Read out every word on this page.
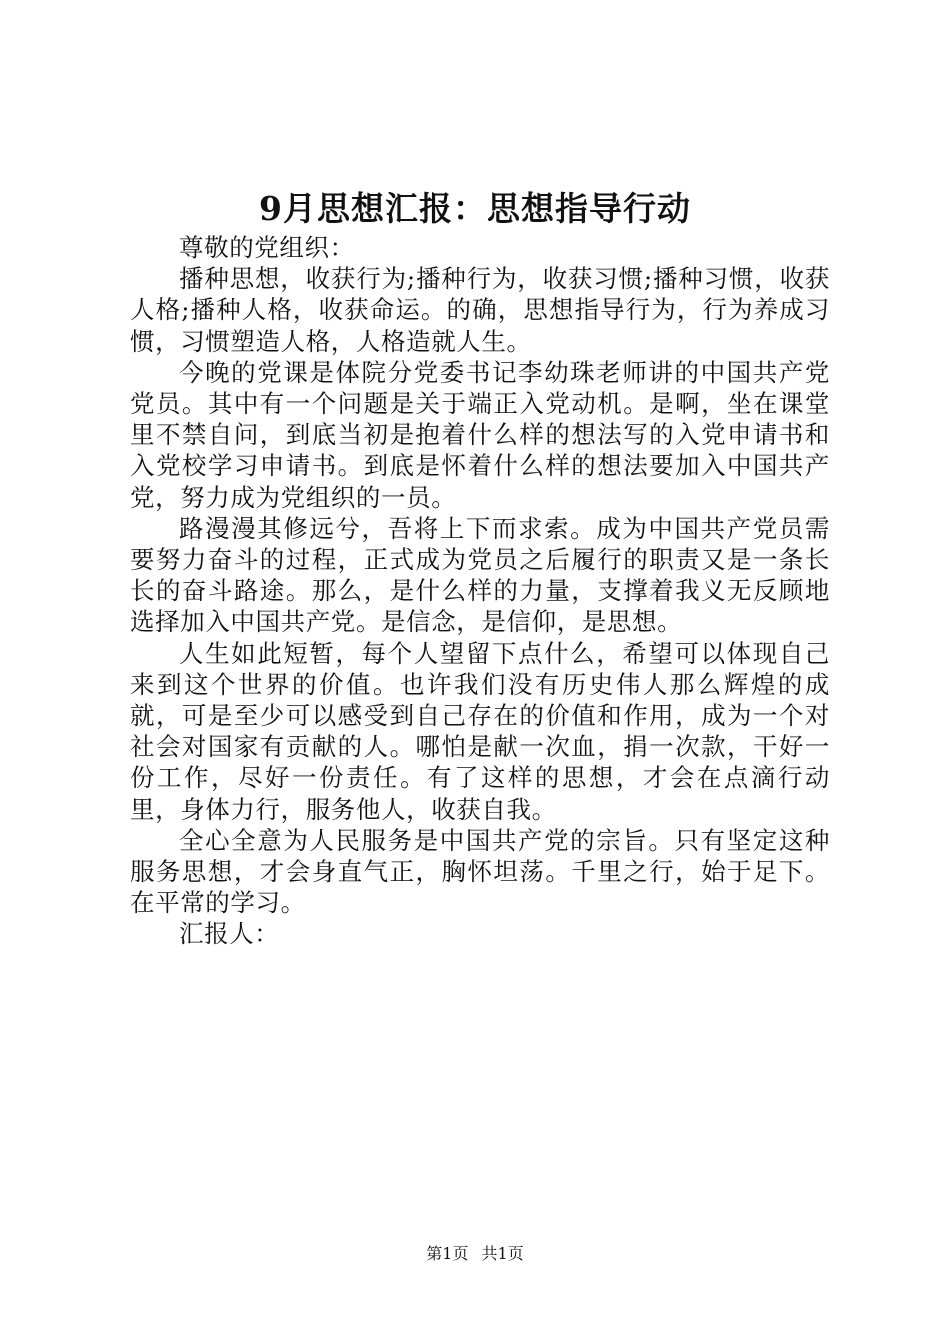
9月思想汇报：思想指导行动

尊敬的党组织：

播种思想，收获行为;播种行为，收获习惯;播种习惯，收获人格;播种人格，收获命运。的确，思想指导行为，行为养成习惯，习惯塑造人格，人格造就人生。

今晚的党课是体院分党委书记李幼珠老师讲的中国共产党党员。其中有一个问题是关于端正入党动机。是啊，坐在课堂里不禁自问，到底当初是抱着什么样的想法写的入党申请书和入党校学习申请书。到底是怀着什么样的想法要加入中国共产党，努力成为党组织的一员。

路漫漫其修远兮，吾将上下而求索。成为中国共产党员需要努力奋斗的过程，正式成为党员之后履行的职责又是一条长长的奋斗路途。那么，是什么样的力量，支撑着我义无反顾地选择加入中国共产党。是信念，是信仰，是思想。

人生如此短暂，每个人望留下点什么，希望可以体现自己来到这个世界的价值。也许我们没有历史伟人那么辉煌的成就，可是至少可以感受到自己存在的价值和作用，成为一个对社会对国家有贡献的人。哪怕是献一次血，捐一次款，干好一份工作，尽好一份责任。有了这样的思想，才会在点滴行动里，身体力行，服务他人，收获自我。

全心全意为人民服务是中国共产党的宗旨。只有坚定这种服务思想，才会身直气正，胸怀坦荡。千里之行，始于足下。在平常的学习。

汇报人：

第1页 共1页
